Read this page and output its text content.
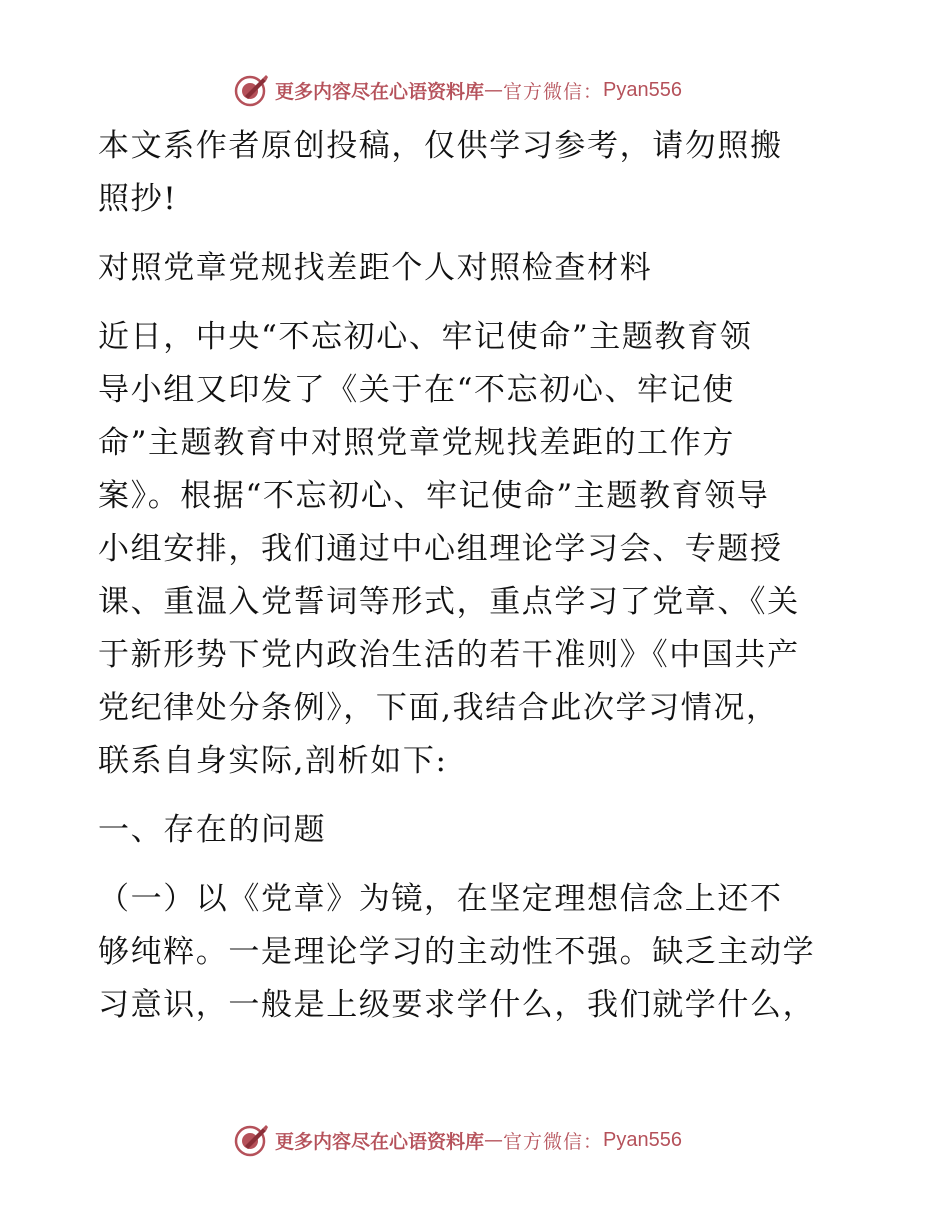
更多内容尽在心语资料库 — 官方微信： Pyan556

本文系作者原创投稿，仅供学习参考，请勿照搬
照抄!

对照党章党规找差距个人对照检查材料

近日，中央“不忘初心、牢记使命”主题教育领
导小组又印发了《关于在“不忘初心、牢记使
命”主题教育中对照党章党规找差距的工作方
案》。根据“不忘初心、牢记使命”主题教育领导
小组安排，我们通过中心组理论学习会、专题授
课、重温入党誓词等形式，重点学习了党章、《关
于新形势下党内政治生活的若干准则》《中国共产
党纪律处分条例》，下面,我结合此次学习情况，
联系自身实际,剖析如下:

一、存在的问题

（一）以《党章》为镜，在坚定理想信念上还不
够纯粹。一是理论学习的主动性不强。缺乏主动学
习意识，一般是上级要求学什么，我们就学什么，

更多内容尽在心语资料库 — 官方微信： Pyan556
